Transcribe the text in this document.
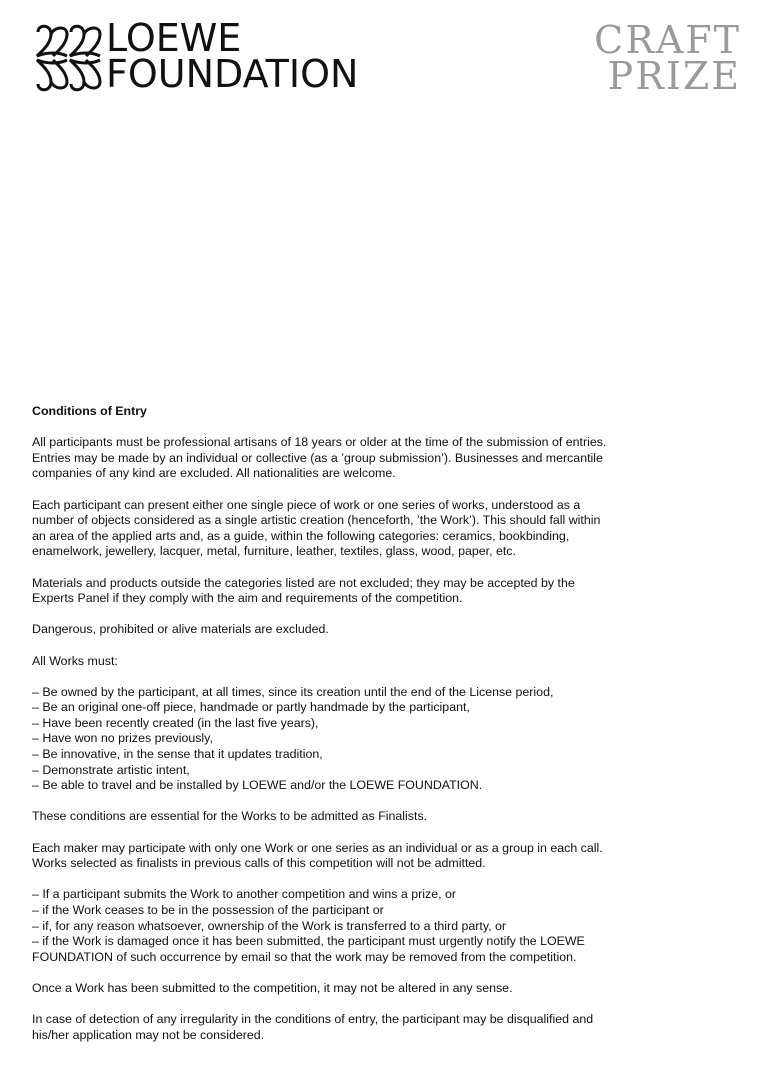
LOEWE
FOUNDATION
CRAFT
PRIZE
Conditions of Entry

All participants must be professional artisans of 18 years or older at the time of the submission of entries.

Entries may be made by an individual or collective (as a ’group submission’). Businesses and mercantile

companies of any kind are excluded. All nationalities are welcome.

Each participant can present either one single piece of work or one series of works, understood as a

number of objects considered as a single artistic creation (henceforth, ’the Work’). This should fall within

an area of the applied arts and, as a guide, within the following categories: ceramics, bookbinding,

enamelwork, jewellery, lacquer, metal, furniture, leather, textiles, glass, wood, paper, etc.

Materials and products outside the categories listed are not excluded; they may be accepted by the

Experts Panel if they comply with the aim and requirements of the competition.

Dangerous, prohibited or alive materials are excluded.

All Works must:

– Be owned by the participant, at all times, since its creation until the end of the License period,
– Be an original one-off piece, handmade or partly handmade by the participant,
– Have been recently created (in the last five years),
– Have won no prizes previously,
– Be innovative, in the sense that it updates tradition,
– Demonstrate artistic intent,
– Be able to travel and be installed by LOEWE and/or the LOEWE FOUNDATION.

These conditions are essential for the Works to be admitted as Finalists.

Each maker may participate with only one Work or one series as an individual or as a group in each call.

Works selected as finalists in previous calls of this competition will not be admitted.

– If a participant submits the Work to another competition and wins a prize, or
– if the Work ceases to be in the possession of the participant or
– if, for any reason whatsoever, ownership of the Work is transferred to a third party, or
– if the Work is damaged once it has been submitted, the participant must urgently notify the LOEWE
FOUNDATION of such occurrence by email so that the work may be removed from the competition.

Once a Work has been submitted to the competition, it may not be altered in any sense.

In case of detection of any irregularity in the conditions of entry, the participant may be disqualified and

his/her application may not be considered.
